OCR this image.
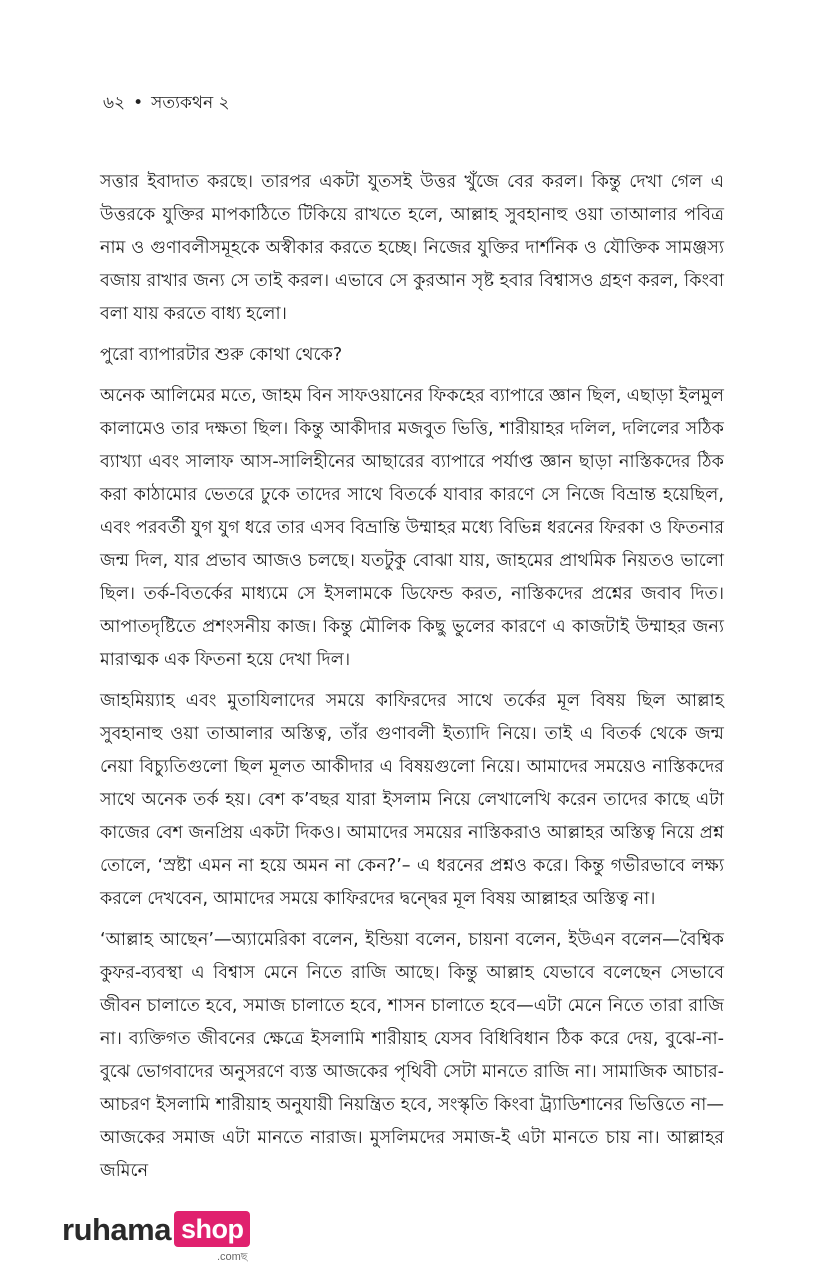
৬২ • সত্যকথন ২

সত্তার ইবাদাত করছে। তারপর একটা যুতসই উত্তর খুঁজে বের করল। কিন্তু দেখা গেল এ উত্তরকে যুক্তির মাপকাঠিতে টিকিয়ে রাখতে হলে, আল্লাহ সুবহানাহু ওয়া তাআলার পবিত্র নাম ও গুণাবলীসমূহকে অস্বীকার করতে হচ্ছে। নিজের যুক্তির দার্শনিক ও যৌক্তিক সামঞ্জস্য বজায় রাখার জন্য সে তাই করল। এভাবে সে কুরআন সৃষ্ট হবার বিশ্বাসও গ্রহণ করল, কিংবা বলা যায় করতে বাধ্য হলো।

পুরো ব্যাপারটার শুরু কোথা থেকে?

অনেক আলিমের মতে, জাহম বিন সাফওয়ানের ফিকহের ব্যাপারে জ্ঞান ছিল, এছাড়া ইলমুল কালামেও তার দক্ষতা ছিল। কিন্তু আকীদার মজবুত ভিত্তি, শারীয়াহর দলিল, দলিলের সঠিক ব্যাখ্যা এবং সালাফ আস-সালিহীনের আছারের ব্যাপারে পর্যাপ্ত জ্ঞান ছাড়া নাস্তিকদের ঠিক করা কাঠামোর ভেতরে ঢুকে তাদের সাথে বিতর্কে যাবার কারণে সে নিজে বিভ্রান্ত হয়েছিল, এবং পরবর্তী যুগ যুগ ধরে তার এসব বিভ্রান্তি উম্মাহর মধ্যে বিভিন্ন ধরনের ফিরকা ও ফিতনার জন্ম দিল, যার প্রভাব আজও চলছে। যতটুকু বোঝা যায়, জাহমের প্রাথমিক নিয়তও ভালো ছিল। তর্ক-বিতর্কের মাধ্যমে সে ইসলামকে ডিফেন্ড করত, নাস্তিকদের প্রশ্নের জবাব দিত। আপাতদৃষ্টিতে প্রশংসনীয় কাজ। কিন্তু মৌলিক কিছু ভুলের কারণে এ কাজটাই উম্মাহর জন্য মারাত্মক এক ফিতনা হয়ে দেখা দিল।

জাহমিয়্যাহ এবং মুতাযিলাদের সময়ে কাফিরদের সাথে তর্কের মূল বিষয় ছিল আল্লাহ সুবহানাহু ওয়া তাআলার অস্তিত্ব, তাঁর গুণাবলী ইত্যাদি নিয়ে। তাই এ বিতর্ক থেকে জন্ম নেয়া বিচ্যুতিগুলো ছিল মূলত আকীদার এ বিষয়গুলো নিয়ে। আমাদের সময়েও নাস্তিকদের সাথে অনেক তর্ক হয়। বেশ ক’বছর যারা ইসলাম নিয়ে লেখালেখি করেন তাদের কাছে এটা কাজের বেশ জনপ্রিয় একটা দিকও। আমাদের সময়ের নাস্তিকরাও আল্লাহর অস্তিত্ব নিয়ে প্রশ্ন তোলে, ‘স্রষ্টা এমন না হয়ে অমন না কেন?’– এ ধরনের প্রশ্নও করে। কিন্তু গভীরভাবে লক্ষ্য করলে দেখবেন, আমাদের সময়ে কাফিরদের দ্বন্দ্বের মূল বিষয় আল্লাহর অস্তিত্ব না।

‘আল্লাহ আছেন’—অ্যামেরিকা বলেন, ইন্ডিয়া বলেন, চায়না বলেন, ইউএন বলেন—বৈশ্বিক কুফর-ব্যবস্থা এ বিশ্বাস মেনে নিতে রাজি আছে। কিন্তু আল্লাহ যেভাবে বলেছেন সেভাবে জীবন চালাতে হবে, সমাজ চালাতে হবে, শাসন চালাতে হবে—এটা মেনে নিতে তারা রাজি না। ব্যক্তিগত জীবনের ক্ষেত্রে ইসলামি শারীয়াহ যেসব বিধিবিধান ঠিক করে দেয়, বুঝে-না-বুঝে ভোগবাদের অনুসরণে ব্যস্ত আজকের পৃথিবী সেটা মানতে রাজি না। সামাজিক আচার-আচরণ ইসলামি শারীয়াহ অনুযায়ী নিয়ন্ত্রিত হবে, সংস্কৃতি কিংবা ট্র্যাডিশানের ভিত্তিতে না—আজকের সমাজ এটা মানতে নারাজ। মুসলিমদের সমাজ-ই এটা মানতে চায় না। আল্লাহর জমিনে

ruhama shop
.comছ
